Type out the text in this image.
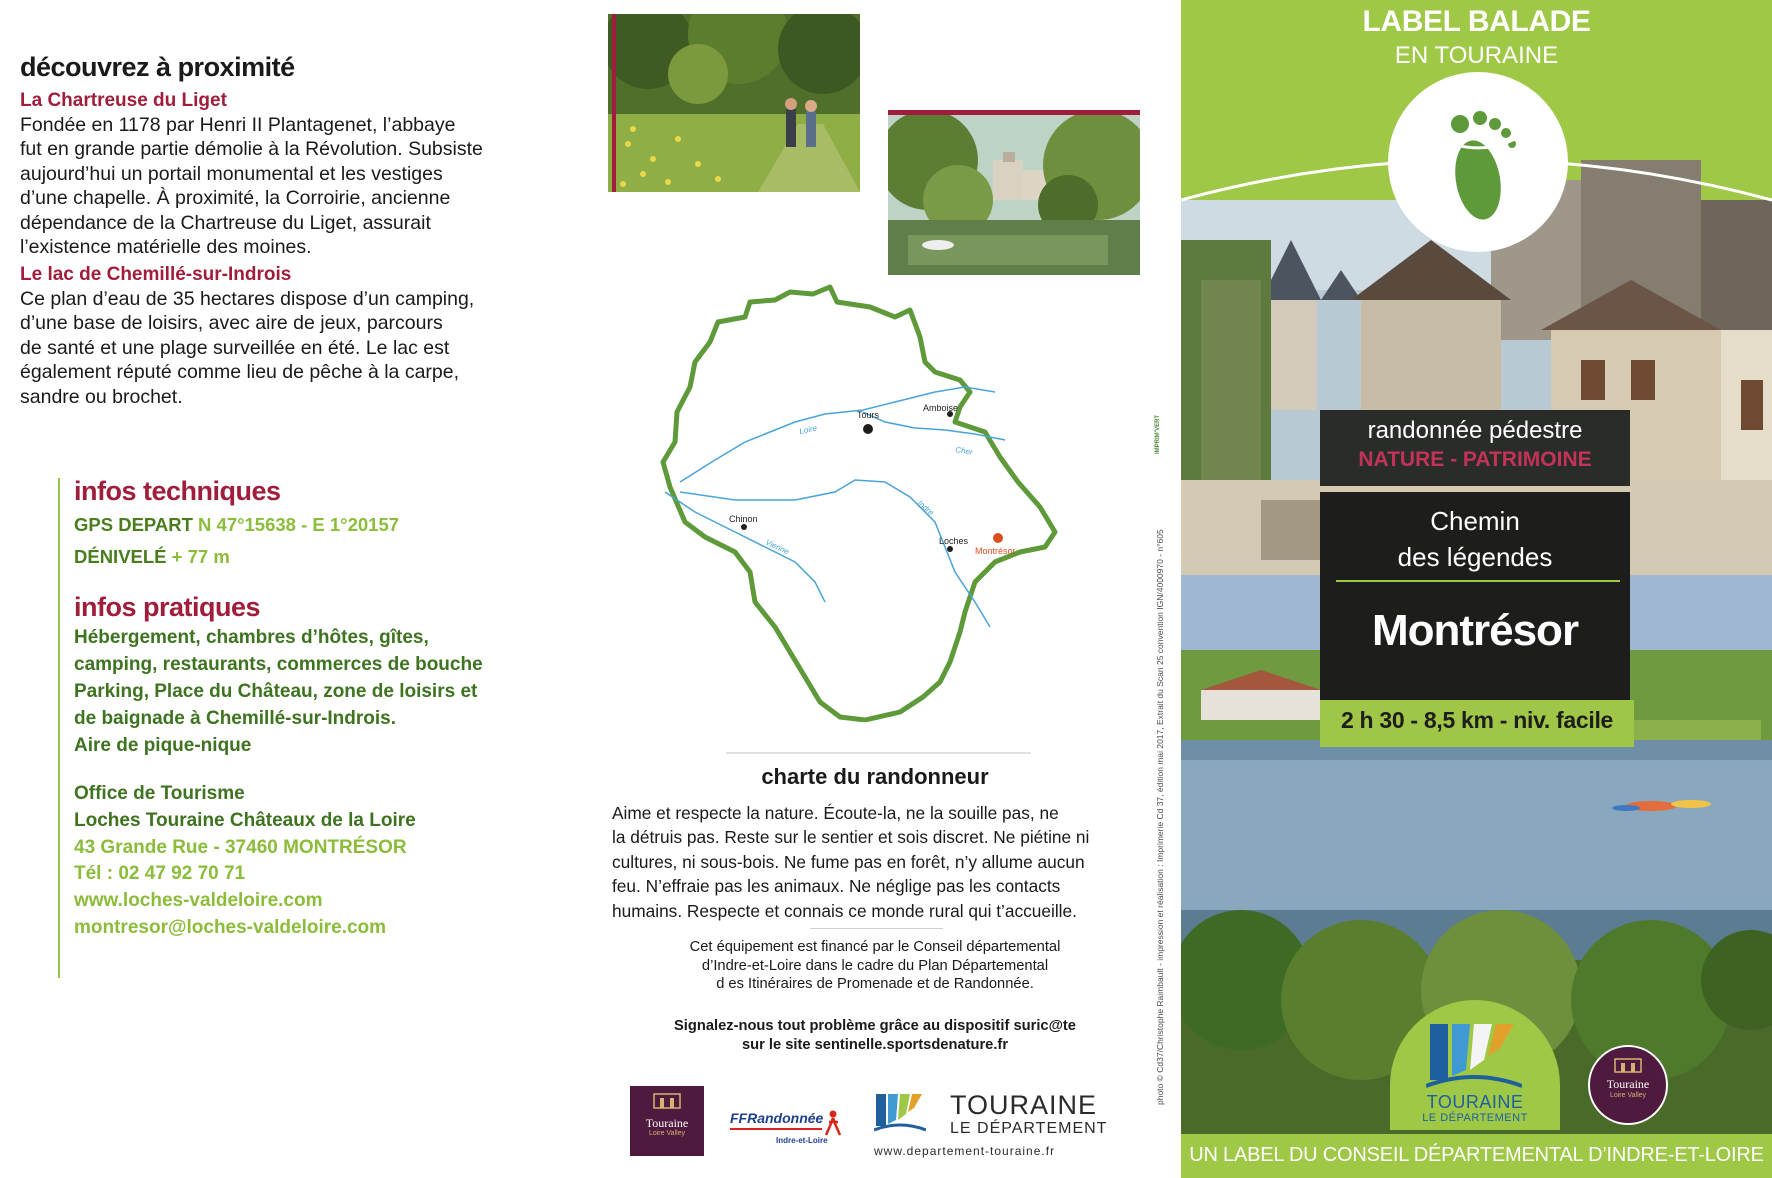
découvrez à proximité
La Chartreuse du Liget
Fondée en 1178 par Henri II Plantagenet, l’abbaye
fut en grande partie démolie à la Révolution. Subsiste
aujourd’hui un portail monumental et les vestiges
d’une chapelle. À proximité, la Corroirie, ancienne
dépendance de la Chartreuse du Liget, assurait
l’existence matérielle des moines.
Le lac de Chemillé-sur-Indrois
Ce plan d’eau de 35 hectares dispose d’un camping,
d’une base de loisirs, avec aire de jeux, parcours
de santé et une plage surveillée en été. Le lac est
également réputé comme lieu de pêche à la carpe,
sandre ou brochet.
infos techniques
GPS DEPART N 47°15638 - E 1°20157
DÉNIVELÉ + 77 m
infos pratiques
Hébergement, chambres d’hôtes, gîtes,
camping, restaurants, commerces de bouche
Parking, Place du Château, zone de loisirs et
de baignade à Chemillé-sur-Indrois.
Aire de pique-nique
Office de Tourisme
Loches Touraine Châteaux de la Loire
43 Grande Rue - 37460 MONTRÉSOR
Tél : 02 47 92 70 71
www.loches-valdeloire.com
montresor@loches-valdeloire.com
Tours
Amboise
Chinon
Loches
Montrésor
Loire
Cher
Indre
Vienne
charte du randonneur
Aime et respecte la nature. Écoute-la, ne la souille pas, ne
la détruis pas. Reste sur le sentier et sois discret. Ne piétine ni
cultures, ni sous-bois. Ne fume pas en forêt, n’y allume aucun
feu. N’effraie pas les animaux. Ne néglige pas les contacts
humains. Respecte et connais ce monde rural qui t’accueille.
Cet équipement est financé par le Conseil départemental
d’Indre-et-Loire dans le cadre du Plan Départemental
d es Itinéraires de Promenade et de Randonnée.
Signalez-nous tout problème grâce au dispositif suric@te
sur le site sentinelle.sportsdenature.fr
Touraine
Loire Valley
FFRandonnée
Indre-et-Loire
TOURAINE
LE DÉPARTEMENT
www.departement-touraine.fr
photo © Cd37/Christophe Raimbault - impression et réalisation : Imprimerie Cd 37, édition mai 2017, Extrait du Scan 25 convention IGN/4000970 - n°605
IMPRIM'VERT
LABEL BALADE
EN TOURAINE
randonnée pédestre
NATURE - PATRIMOINE
Chemin
des légendes
Montrésor
2 h 30 - 8,5 km - niv. facile
TOURAINE
LE DÉPARTEMENT
Touraine
Loire Valley
UN LABEL DU CONSEIL DÉPARTEMENTAL D’INDRE-ET-LOIRE
